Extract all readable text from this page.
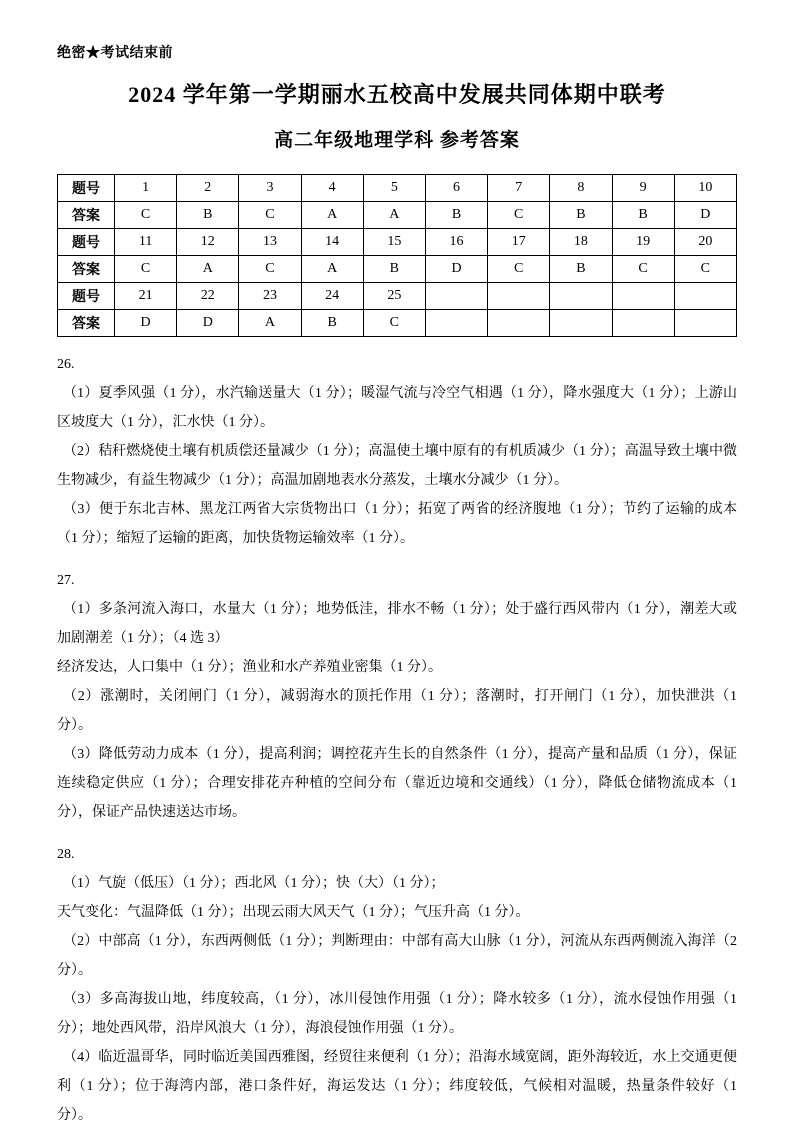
绝密★考试结束前
2024 学年第一学期丽水五校高中发展共同体期中联考
高二年级地理学科 参考答案
题号	1	2	3	4	5	6	7	8	9	10
答案	C	B	C	A	A	B	C	B	B	D
题号	11	12	13	14	15	16	17	18	19	20
答案	C	A	C	A	B	D	C	B	C	C
题号	21	22	23	24	25					
答案	D	D	A	B	C					
26.

（1）夏季风强（1 分），水汽输送量大（1 分）；暖湿气流与冷空气相遇（1 分），降水强度大（1 分）；上游山区坡度大（1 分），汇水快（1 分）。

（2）秸秆燃烧使土壤有机质偿还量减少（1 分）；高温使土壤中原有的有机质减少（1 分）；高温导致土壤中微生物减少，有益生物减少（1 分）；高温加剧地表水分蒸发，土壤水分减少（1 分）。

（3）便于东北吉林、黑龙江两省大宗货物出口（1 分）；拓宽了两省的经济腹地（1 分）；节约了运输的成本（1 分）；缩短了运输的距离，加快货物运输效率（1 分）。

27.

（1）多条河流入海口，水量大（1 分）；地势低洼，排水不畅（1 分）；处于盛行西风带内（1 分），潮差大或加剧潮差（1 分）；（4 选 3）

经济发达，人口集中（1 分）；渔业和水产养殖业密集（1 分）。

（2）涨潮时，关闭闸门（1 分），减弱海水的顶托作用（1 分）；落潮时，打开闸门（1 分），加快泄洪（1 分）。

（3）降低劳动力成本（1 分），提高利润；调控花卉生长的自然条件（1 分），提高产量和品质（1 分），保证连续稳定供应（1 分）；合理安排花卉种植的空间分布（靠近边境和交通线）（1 分），降低仓储物流成本（1 分），保证产品快速送达市场。

28.

（1）气旋（低压）（1 分）；西北风（1 分）；快（大）（1 分）；

天气变化：气温降低（1 分）；出现云雨大风天气（1 分）；气压升高（1 分）。

（2）中部高（1 分），东西两侧低（1 分）；判断理由：中部有高大山脉（1 分），河流从东西两侧流入海洋（2 分）。

（3）多高海拔山地，纬度较高，（1 分），冰川侵蚀作用强（1 分）；降水较多（1 分），流水侵蚀作用强（1 分）；地处西风带，沿岸风浪大（1 分），海浪侵蚀作用强（1 分）。

（4）临近温哥华，同时临近美国西雅图，经贸往来便利（1 分）；沿海水域宽阔，距外海较近，水上交通更便利（1 分）；位于海湾内部，港口条件好，海运发达（1 分）；纬度较低，气候相对温暖，热量条件较好（1 分）。
